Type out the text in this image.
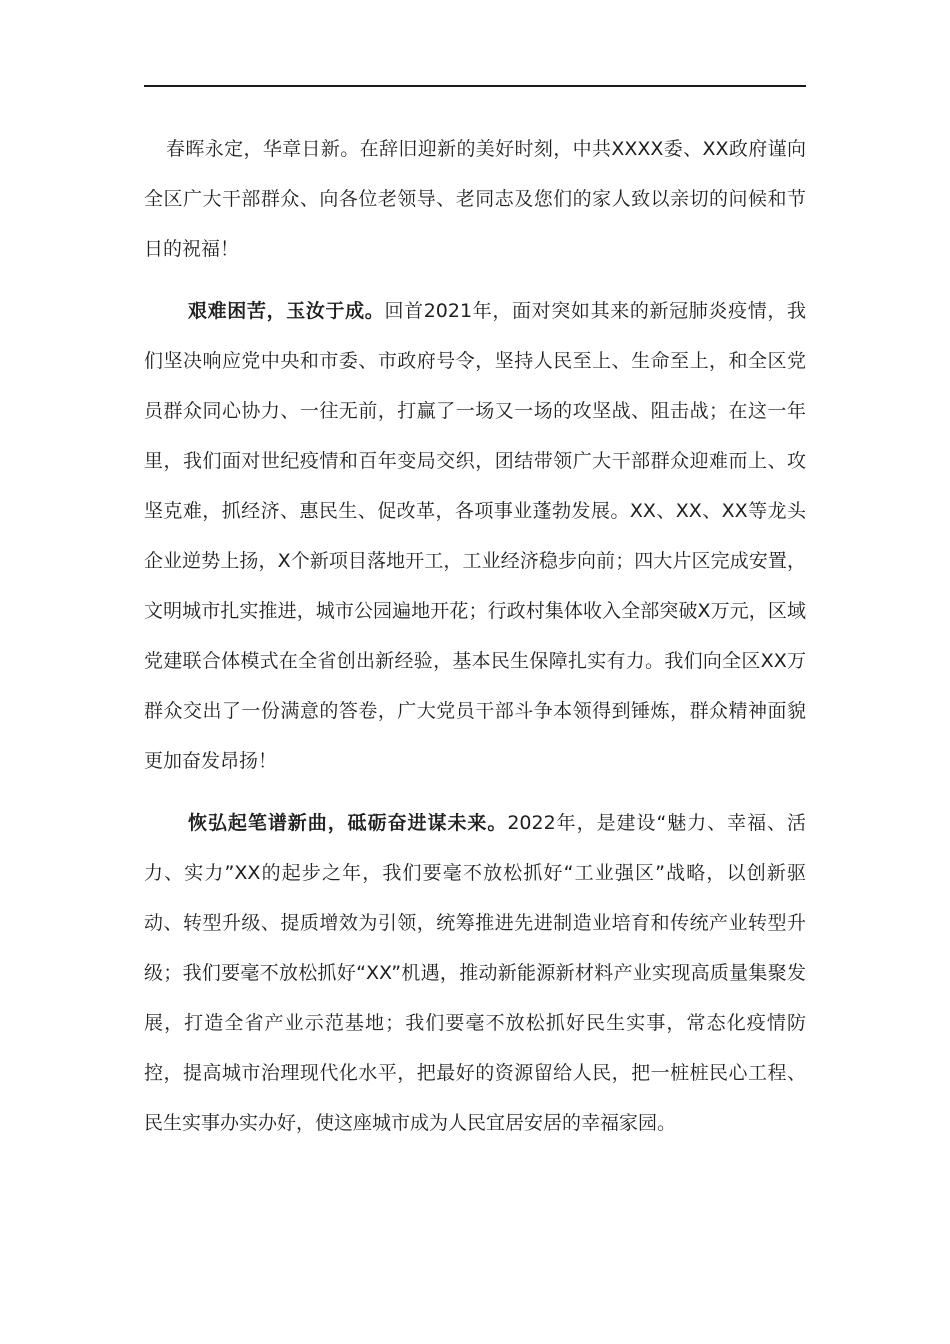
春晖永定，华章日新。在辞旧迎新的美好时刻，中共XXXX委、XX政府谨向全区广大干部群众、向各位老领导、老同志及您们的家人致以亲切的问候和节日的祝福！

艰难困苦，玉汝于成。回首2021年，面对突如其来的新冠肺炎疫情，我们坚决响应党中央和市委、市政府号令，坚持人民至上、生命至上，和全区党员群众同心协力、一往无前，打赢了一场又一场的攻坚战、阻击战；在这一年里，我们面对世纪疫情和百年变局交织，团结带领广大干部群众迎难而上、攻坚克难，抓经济、惠民生、促改革，各项事业蓬勃发展。XX、XX、XX等龙头企业逆势上扬，X个新项目落地开工，工业经济稳步向前；四大片区完成安置，文明城市扎实推进，城市公园遍地开花；行政村集体收入全部突破X万元，区域党建联合体模式在全省创出新经验，基本民生保障扎实有力。我们向全区XX万群众交出了一份满意的答卷，广大党员干部斗争本领得到锤炼，群众精神面貌更加奋发昂扬！

恢弘起笔谱新曲，砥砺奋进谋未来。2022年，是建设“魅力、幸福、活力、实力”XX的起步之年，我们要毫不放松抓好“工业强区”战略，以创新驱动、转型升级、提质增效为引领，统筹推进先进制造业培育和传统产业转型升级；我们要毫不放松抓好“XX”机遇，推动新能源新材料产业实现高质量集聚发展，打造全省产业示范基地；我们要毫不放松抓好民生实事，常态化疫情防控，提高城市治理现代化水平，把最好的资源留给人民，把一桩桩民心工程、民生实事办实办好，使这座城市成为人民宜居安居的幸福家园。
